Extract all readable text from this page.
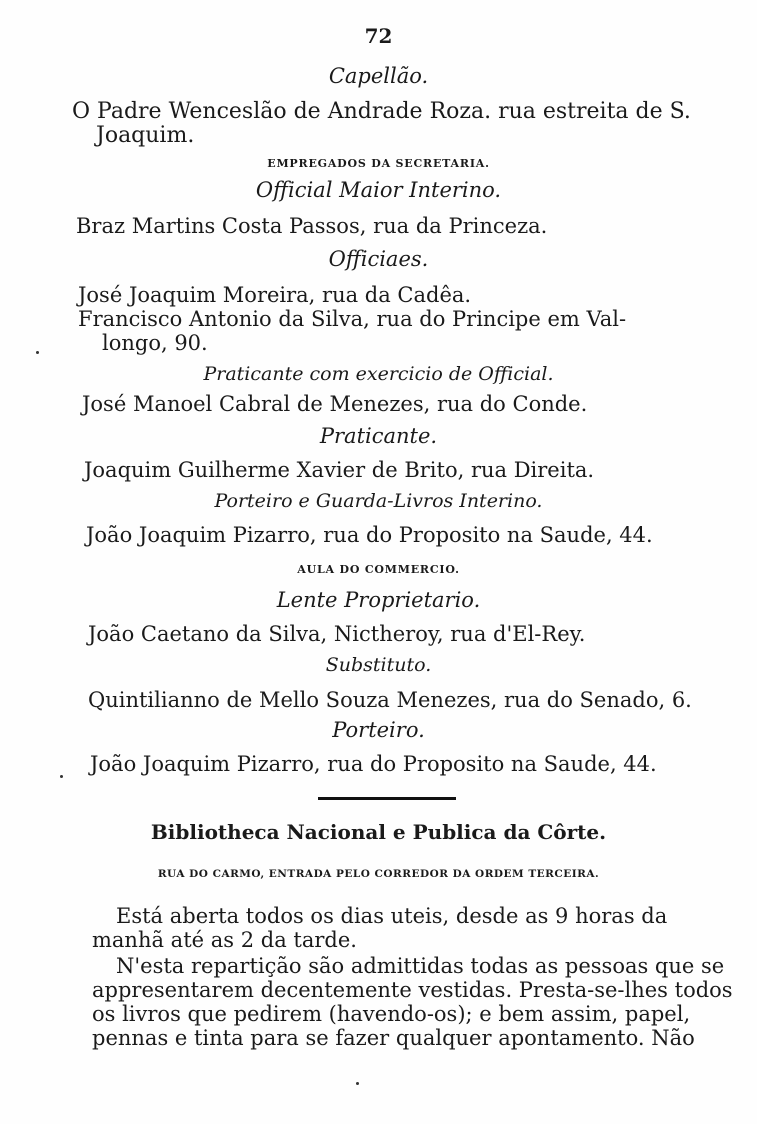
72
Capellão.
O Padre Wenceslão de Andrade Roza. rua estreita de S.
Joaquim.
EMPREGADOS DA SECRETARIA.
Official Maior Interino.
Braz Martins Costa Passos, rua da Princeza.
Officiaes.
José Joaquim Moreira, rua da Cadêa.
Francisco Antonio da Silva, rua do Principe em Val-
longo, 90.
Praticante com exercicio de Official.
José Manoel Cabral de Menezes, rua do Conde.
Praticante.
Joaquim Guilherme Xavier de Brito, rua Direita.
Porteiro e Guarda-Livros Interino.
João Joaquim Pizarro, rua do Proposito na Saude, 44.
AULA DO COMMERCIO.
Lente Proprietario.
João Caetano da Silva, Nictheroy, rua d'El-Rey.
Substituto.
Quintilianno de Mello Souza Menezes, rua do Senado, 6.
Porteiro.
João Joaquim Pizarro, rua do Proposito na Saude, 44.
Bibliotheca Nacional e Publica da Côrte.
RUA DO CARMO, ENTRADA PELO CORREDOR DA ORDEM TERCEIRA.
Está aberta todos os dias uteis, desde as 9 horas da
manhã até as 2 da tarde.
N'esta repartição são admittidas todas as pessoas que se
appresentarem decentemente vestidas. Presta-se-lhes todos
os livros que pedirem (havendo-os); e bem assim, papel,
pennas e tinta para se fazer qualquer apontamento. Não
